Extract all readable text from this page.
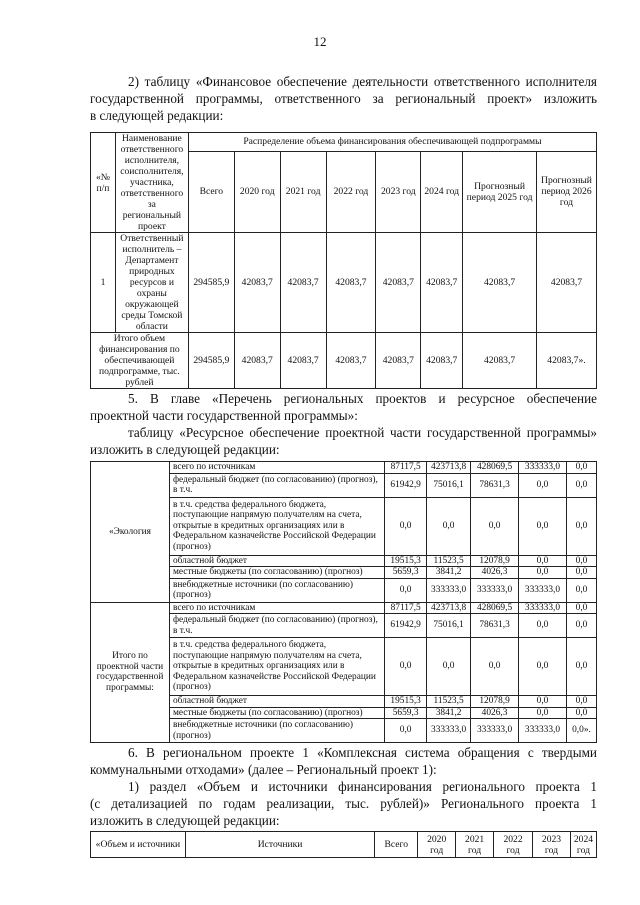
12
2) таблицу «Финансовое обеспечение деятельности ответственного исполнителя
государственной программы, ответственного за региональный проект» изложить
в следующей редакции:
«№ п/п	Наименование ответственного исполнителя, соисполнителя, участника, ответственного за региональный проект	Распределение объема финансирования обеспечивающей подпрограммы							
		Всего	2020 год	2021 год	2022 год	2023 год	2024 год	Прогнозный период 2025 год	Прогнозный период 2026 год
1	Ответственный исполнитель – Департамент природных ресурсов и охраны окружающей среды Томской области	294585,9	42083,7	42083,7	42083,7	42083,7	42083,7	42083,7	42083,7
Итого объем финансирования по обеспечивающей подпрограмме, тыс. рублей		294585,9	42083,7	42083,7	42083,7	42083,7	42083,7	42083,7	42083,7».
5. В главе «Перечень региональных проектов и ресурсное обеспечение
проектной части государственной программы»:
таблицу «Ресурсное обеспечение проектной части государственной программы»
изложить в следующей редакции:
«Экология	всего по источникам	87117,5	423713,8	428069,5	333333,0	0,0
	федеральный бюджет (по согласованию) (прогноз), в т.ч.	61942,9	75016,1	78631,3	0,0	0,0
	в т.ч. средства федерального бюджета, поступающие напрямую получателям на счета, открытые в кредитных организациях или в Федеральном казначействе Российской Федерации (прогноз)	0,0	0,0	0,0	0,0	0,0
	областной бюджет	19515,3	11523,5	12078,9	0,0	0,0
	местные бюджеты (по согласованию) (прогноз)	5659,3	3841,2	4026,3	0,0	0,0
	внебюджетные источники (по согласованию) (прогноз)	0,0	333333,0	333333,0	333333,0	0,0
Итого по проектной части государственной программы:	всего по источникам	87117,5	423713,8	428069,5	333333,0	0,0
	федеральный бюджет (по согласованию) (прогноз), в т.ч.	61942,9	75016,1	78631,3	0,0	0,0
	в т.ч. средства федерального бюджета, поступающие напрямую получателям на счета, открытые в кредитных организациях или в Федеральном казначействе Российской Федерации (прогноз)	0,0	0,0	0,0	0,0	0,0
	областной бюджет	19515,3	11523,5	12078,9	0,0	0,0
	местные бюджеты (по согласованию) (прогноз)	5659,3	3841,2	4026,3	0,0	0,0
	внебюджетные источники (по согласованию) (прогноз)	0,0	333333,0	333333,0	333333,0	0,0».
6. В региональном проекте 1 «Комплексная система обращения с твердыми
коммунальными отходами» (далее – Региональный проект 1):
1) раздел «Объем и источники финансирования регионального проекта 1
(с детализацией по годам реализации, тыс. рублей)» Регионального проекта 1
изложить в следующей редакции:
«Объем и источники	Источники	Всего	2020 год	2021 год	2022 год	2023 год	2024 год
